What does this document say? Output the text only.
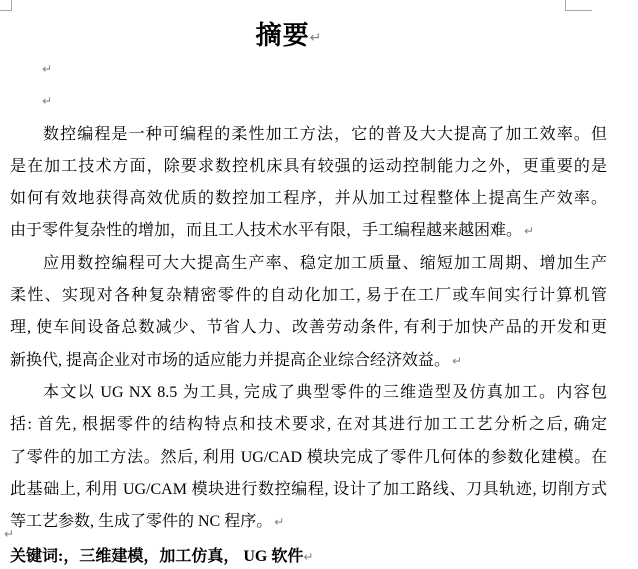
摘要↵
↵
↵
数控编程是一种可编程的柔性加工方法，它的普及大大提高了加工效率。但
是在加工技术方面，除要求数控机床具有较强的运动控制能力之外，更重要的是
如何有效地获得高效优质的数控加工程序，并从加工过程整体上提高生产效率。
由于零件复杂性的增加，而且工人技术水平有限，手工编程越来越困难。 ↵
应用数控编程可大大提高生产率、稳定加工质量、缩短加工周期、增加生产
柔性、实现对各种复杂精密零件的自动化加工, 易于在工厂或车间实行计算机管
理, 使车间设备总数减少、节省人力、改善劳动条件, 有利于加快产品的开发和更
新换代, 提高企业对市场的适应能力并提高企业综合经济效益。 ↵
本文以 UG NX 8.5 为工具, 完成了典型零件的三维造型及仿真加工。内容包
括: 首先, 根据零件的结构特点和技术要求, 在对其进行加工工艺分析之后, 确定
了零件的加工方法。然后, 利用 UG/CAD 模块完成了零件几何体的参数化建模。在
此基础上, 利用 UG/CAM 模块进行数控编程, 设计了加工路线、刀具轨迹, 切削方式
等工艺参数, 生成了零件的 NC 程序。 ↵
关键词:，三维建模，加工仿真， UG 软件↵
↵
